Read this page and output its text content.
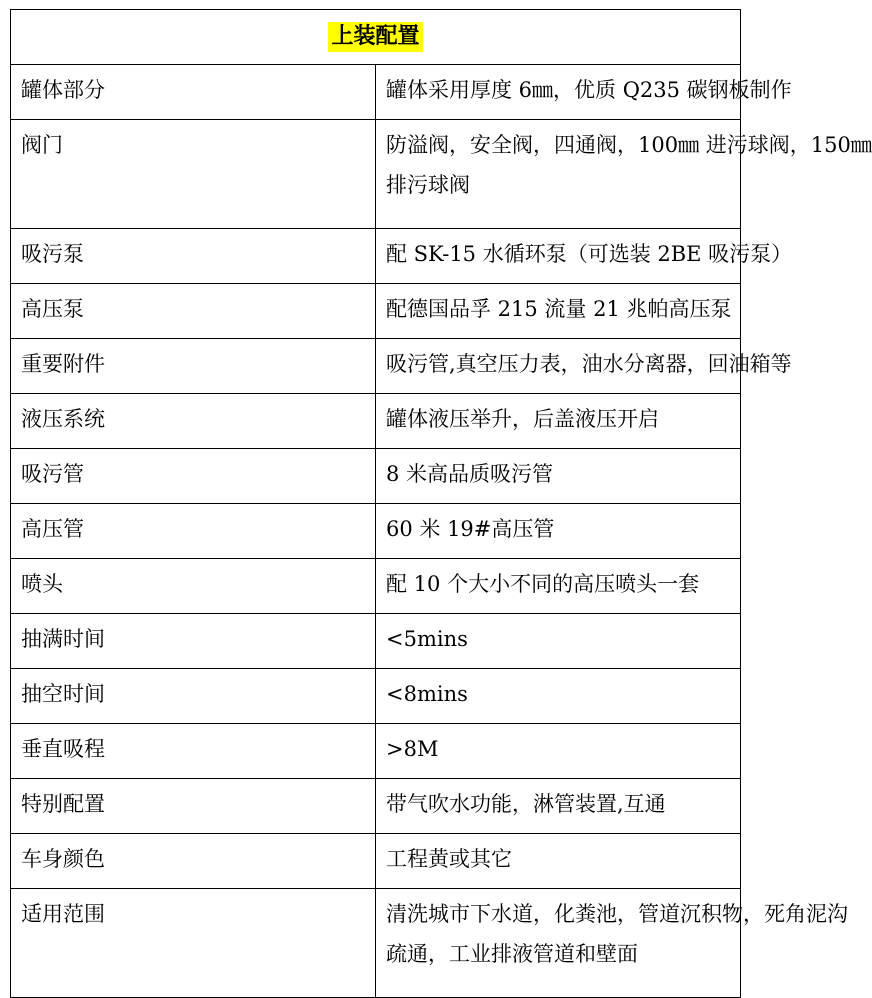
上装配置	
罐体部分	罐体采用厚度 6㎜，优质 Q235 碳钢板制作

阀门	防溢阀，安全阀，四通阀，100㎜ 进污球阀，150㎜
排污球阀

吸污泵	配 SK-15 水循环泵（可选装 2BE 吸污泵）

高压泵	配德国品孚 215 流量 21 兆帕高压泵

重要附件	吸污管,真空压力表，油水分离器，回油箱等

液压系统	罐体液压举升，后盖液压开启

吸污管	8 米高品质吸污管

高压管	60 米 19#高压管

喷头	配 10 个大小不同的高压喷头一套

抽满时间	<5mins

抽空时间	<8mins

垂直吸程	>8M

特别配置	带气吹水功能，淋管装置,互通

车身颜色	工程黄或其它

适用范围	清洗城市下水道，化粪池，管道沉积物，死角泥沟
疏通，工业排液管道和壁面
